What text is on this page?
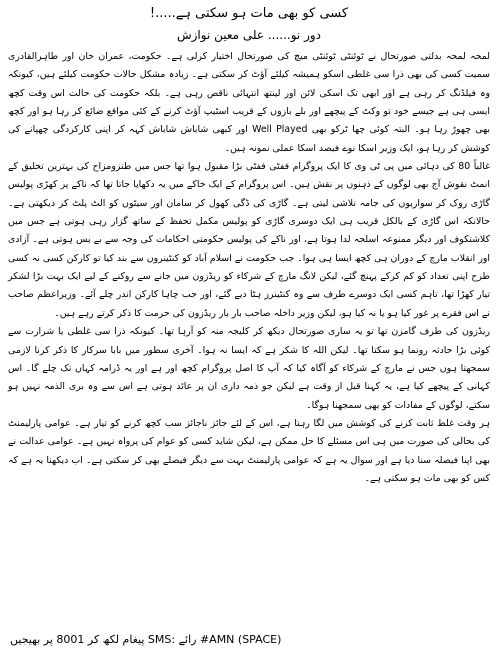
کسی کو بھی مات ہو سکتی ہے.....!
دور نو...... علی معین نوازش

لمحہ لمحہ بدلتی صورتحال نے ٹوئنٹی ٹوئنٹی میچ کی صورتحال اختیار کرلی ہے۔ حکومت، عمران خان اور طاہرالقادری سمیت کسی کی بھی ذرا سی غلطی اسکو ہمیشہ کیلئے آؤٹ کر سکتی ہے۔ زیادہ مشکل حالات حکومت کیلئے ہیں، کیونکہ وہ فیلڈنگ کر رہی ہے اور ابھی تک اسکی لائن اور لینتھ انتہائی ناقص رہی ہے۔ بلکہ حکومت کی حالت اس وقت کچھ ایسی ہی ہے جیسے خود تو وکٹ کے پیچھے اور بلے بازوں کے قریب اسٹیپ آؤٹ کرنے کے کئی مواقع ضائع کر رہا ہو اور کچھ بھی چھوڑ رہا ہو۔ البتہ کوئی چھا ٹرکو بھی Well Played اور کبھی شاباش شاباش کہہ کر اپنی کارکردگی چھپانے کی کوشش کر رہا ہو، ایک وزیر اسکا نوے فیصد اسکا عملی نمونہ ہیں۔

غالباً 80 کی دہائی میں پی ٹی وی کا ایک پروگرام ففٹی ففٹی بڑا مقبول ہوا تھا جس میں طنزومزاح کی بہترین تخلیق کے انمٹ نقوش آج بھی لوگوں کے ذہنوں پر نقش ہیں۔ اس پروگرام کے ایک خاکے میں یہ دکھایا جاتا تھا کہ ناکے پر کھڑی پولیس گاڑی روک کر سواریوں کی جامہ تلاشی لیتی ہے۔ گاڑی کی ڈگی کھول کر سامان اور سیٹوں کو الٹ پلٹ کر دیکھتی ہے۔ حالانکہ اس گاڑی کے بالکل قریب ہی ایک دوسری گاڑی کو پولیس مکمل تحفظ کے ساتھ گزار رہی ہوتی ہے جس میں کلاشنکوف اور دیگر ممنوعہ اسلحہ لدا ہوتا ہے، اور ناکے کی پولیس حکومتی احکامات کی وجہ سے بے بس ہوتی ہے۔ آزادی اور انقلاب مارچ کے دوران ہی کچھ ایسا ہی ہوا۔ جب حکومت نے اسلام آباد کو کنٹینروں سے بند کیا تو کارکن کسی نہ کسی طرح اپنی تعداد کو کم کرکے پہنچ گئے، لیکن لانگ مارچ کے شرکاء کو ریڈزون میں جانے سے روکنے کے لیے ایک بہت بڑا لشکر تیار کھڑا تھا، تاہم کسی ایک دوسرے طرف سے وہ کنٹینرز ہٹا دیے گئے، اور جب چاہا کارکن اندر چلے آئے۔ وزیراعظم صاحب نے اس فقرے پر غور کیا ہو یا نہ کیا ہو، لیکن وزیر داخلہ صاحب بار بار ریڈزون کی حرمت کا ذکر کرتے رہے ہیں۔

ریڈزون کی طرف گامزن تھا تو یہ ساری صورتحال دیکھ کر کلیجہ منہ کو آرہا تھا۔ کیونکہ ذرا سی غلطی یا شرارت سے کوئی بڑا حادثہ رونما ہو سکتا تھا۔ لیکن اللہ کا شکر ہے کہ ایسا نہ ہوا۔ آخری سطور میں بابا سرکار کا ذکر کرنا لازمی سمجھتا ہوں جس نے مارچ کے شرکاء کو آگاہ کیا کہ آپ کا اصل پروگرام کچھ اور ہے اور یہ ڈرامہ کہاں تک چلے گا۔ اس کہانی کے پیچھے کیا ہے، یہ کہنا قبل از وقت ہے لیکن جو ذمہ داری ان پر عائد ہوتی ہے اس سے وہ بری الذمہ نہیں ہو سکتے، لوگوں کے مفادات کو بھی سمجھنا ہوگا۔

ہر وقت غلط ثابت کرنے کی کوشش میں لگا رہتا ہے، اس کے لئے جائز ناجائز سب کچھ کرنے کو تیار ہے۔ عوامی پارلیمنٹ کی بحالی کی صورت میں ہی اس مسئلے کا حل ممکن ہے، لیکن شاید کسی کو عوام کی پرواہ نہیں ہے۔ عوامی عدالت نے بھی اپنا فیصلہ سنا دیا ہے اور سوال یہ ہے کہ عوامی پارلیمنٹ بہت سے دیگر فیصلے بھی کر سکتی ہے۔ اب دیکھنا یہ ہے کہ کس کو بھی مات ہو سکتی ہے۔

SMS: رائے #AMN (SPACE) پیغام لکھ کر 8001 پر بھیجیں
